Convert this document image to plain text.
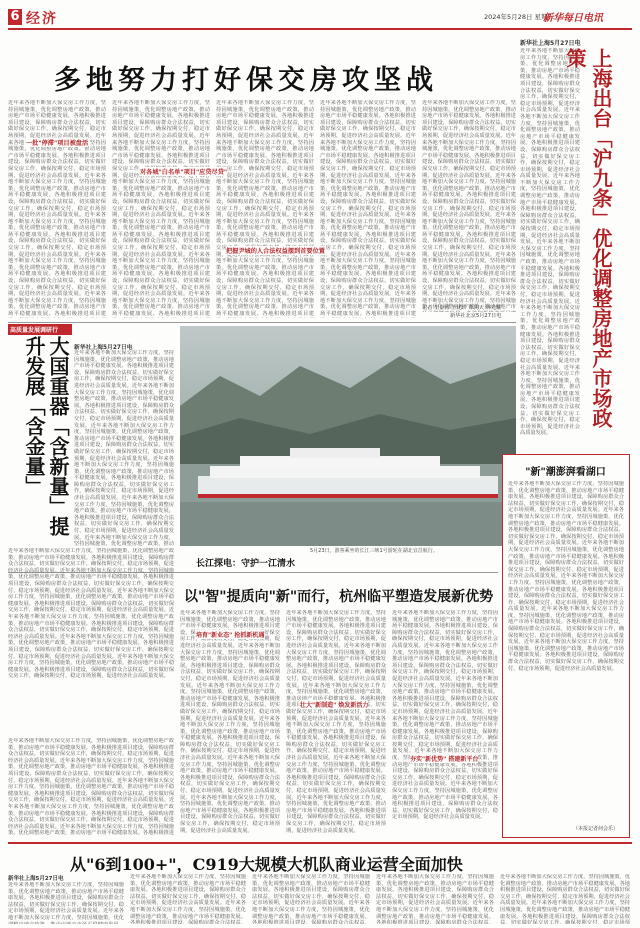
6 经济	2024年5月28日 星期二
新华每日电讯
新华社上海5月27日电
近年来各地不断加大保交房工作力度，坚持因城施策，优化调整房地产政策，推动房地产市场平稳健康发展。各地积极推进项目建设，保障购房群众合法权益，切实做好保交房工作，确保按期交付，稳定市场预期，促进经济社会高质量发展。近年来各地不断加大保交房工作力度，坚持因城施策，优化调整房地产政策，推动房地产市场平稳健康发展。各地积极推进项目建设，保障购房群众合法权益，切实做好保交房工作，确保按期交付，稳定市场预期，促进经济社会高质量发展。近年来各地不断加大保交房工作力度，坚持因城施策，优化调整房地产政策，推动房地产市场平稳健康发展。各地积极推进项目建设，保障购房群众合法权益，切实做好保交房工作，确保按期交付，稳定市场预期，促进经济社会高质量发展。近年来各地不断加大保交房工作力度，坚持因城施策，优化调整房地产政策，推动房地产市场平稳健康发展。各地积极推进项目建设，保障购房群众合法权益，切实做好保交房工作，确保按期交付，稳定市场预期，促进经济社会高质量发展。近年来各地不断加大保交房工作力度，坚持因城施策，优化调整房地产政策，推动房地产市场平稳健康发展。各地积极推进项目建设，保障购房群众合法权益，切实做好保交房工作，确保按期交付，稳定市场预期，促进经济社会高质量发展。近年来各地不断加大保交房工作力度，坚持因城施策，优化调整房地产政策，推动房地产市场平稳健康发展。各地积极推进项目建设，保障购房群众合法权益，切实做好保交房工作，确保按期交付，稳定市场预期，促进经济社会高质量发展。
上海出台「沪九条」优化调整房地产市场政策
多地努力打好保交房攻坚战
近年来各地不断加大保交房工作力度，坚持因城施策，优化调整房地产政策，推动房地产市场平稳健康发展。各地积极推进项目建设，保障购房群众合法权益，切实做好保交房工作，确保按期交付，稳定市场预期，促进经济社会高质量发展。近年来各地不断加大保交房工作力度，坚持因城施策，优化调整房地产政策，推动房地产市场平稳健康发展。各地积极推进项目建设，保障购房群众合法权益，切实做好保交房工作，确保按期交付，稳定市场预期，促进经济社会高质量发展。近年来各地不断加大保交房工作力度，坚持因城施策，优化调整房地产政策，推动房地产市场平稳健康发展。各地积极推进项目建设，保障购房群众合法权益，切实做好保交房工作，确保按期交付，稳定市场预期，促进经济社会高质量发展。近年来各地不断加大保交房工作力度，坚持因城施策，优化调整房地产政策，推动房地产市场平稳健康发展。各地积极推进项目建设，保障购房群众合法权益，切实做好保交房工作，确保按期交付，稳定市场预期，促进经济社会高质量发展。近年来各地不断加大保交房工作力度，坚持因城施策，优化调整房地产政策，推动房地产市场平稳健康发展。各地积极推进项目建设，保障购房群众合法权益，切实做好保交房工作，确保按期交付，稳定市场预期，促进经济社会高质量发展。近年来各地不断加大保交房工作力度，坚持因城施策，优化调整房地产政策，推动房地产市场平稳健康发展。各地积极推进项目建设，保障购房群众合法权益，切实做好保交房工作，确保按期交付，稳定市场预期，促进经济社会高质量发展。
一批"停滞"项目被盘活
近年来各地不断加大保交房工作力度，坚持因城施策，优化调整房地产政策，推动房地产市场平稳健康发展。各地积极推进项目建设，保障购房群众合法权益，切实做好保交房工作，确保按期交付，稳定市场预期，促进经济社会高质量发展。近年来各地不断加大保交房工作力度，坚持因城施策，优化调整房地产政策，推动房地产市场平稳健康发展。各地积极推进项目建设，保障购房群众合法权益，切实做好保交房工作，确保按期交付，稳定市场预期，促进经济社会高质量发展。近年来各地不断加大保交房工作力度，坚持因城施策，优化调整房地产政策，推动房地产市场平稳健康发展。各地积极推进项目建设，保障购房群众合法权益，切实做好保交房工作，确保按期交付，稳定市场预期，促进经济社会高质量发展。近年来各地不断加大保交房工作力度，坚持因城施策，优化调整房地产政策，推动房地产市场平稳健康发展。各地积极推进项目建设，保障购房群众合法权益，切实做好保交房工作，确保按期交付，稳定市场预期，促进经济社会高质量发展。近年来各地不断加大保交房工作力度，坚持因城施策，优化调整房地产政策，推动房地产市场平稳健康发展。各地积极推进项目建设，保障购房群众合法权益，切实做好保交房工作，确保按期交付，稳定市场预期，促进经济社会高质量发展。近年来各地不断加大保交房工作力度，坚持因城施策，优化调整房地产政策，推动房地产市场平稳健康发展。各地积极推进项目建设，保障购房群众合法权益，切实做好保交房工作，确保按期交付，稳定市场预期，促进经济社会高质量发展。
近年来各地不断加大保交房工作力度，坚持因城施策，优化调整房地产政策，推动房地产市场平稳健康发展。各地积极推进项目建设，保障购房群众合法权益，切实做好保交房工作，确保按期交付，稳定市场预期，促进经济社会高质量发展。近年来各地不断加大保交房工作力度，坚持因城施策，优化调整房地产政策，推动房地产市场平稳健康发展。各地积极推进项目建设，保障购房群众合法权益，切实做好保交房工作，确保按期交付，稳定市场预期，促进经济社会高质量发展。近年来各地不断加大保交房工作力度，坚持因城施策，优化调整房地产政策，推动房地产市场平稳健康发展。各地积极推进项目建设，保障购房群众合法权益，切实做好保交房工作，确保按期交付，稳定市场预期，促进经济社会高质量发展。近年来各地不断加大保交房工作力度，坚持因城施策，优化调整房地产政策，推动房地产市场平稳健康发展。各地积极推进项目建设，保障购房群众合法权益，切实做好保交房工作，确保按期交付，稳定市场预期，促进经济社会高质量发展。近年来各地不断加大保交房工作力度，坚持因城施策，优化调整房地产政策，推动房地产市场平稳健康发展。各地积极推进项目建设，保障购房群众合法权益，切实做好保交房工作，确保按期交付，稳定市场预期，促进经济社会高质量发展。近年来各地不断加大保交房工作力度，坚持因城施策，优化调整房地产政策，推动房地产市场平稳健康发展。各地积极推进项目建设，保障购房群众合法权益，切实做好保交房工作，确保按期交付，稳定市场预期，促进经济社会高质量发展。
对各城"白名单"项目"应贷尽贷"
近年来各地不断加大保交房工作力度，坚持因城施策，优化调整房地产政策，推动房地产市场平稳健康发展。各地积极推进项目建设，保障购房群众合法权益，切实做好保交房工作，确保按期交付，稳定市场预期，促进经济社会高质量发展。近年来各地不断加大保交房工作力度，坚持因城施策，优化调整房地产政策，推动房地产市场平稳健康发展。各地积极推进项目建设，保障购房群众合法权益，切实做好保交房工作，确保按期交付，稳定市场预期，促进经济社会高质量发展。近年来各地不断加大保交房工作力度，坚持因城施策，优化调整房地产政策，推动房地产市场平稳健康发展。各地积极推进项目建设，保障购房群众合法权益，切实做好保交房工作，确保按期交付，稳定市场预期，促进经济社会高质量发展。近年来各地不断加大保交房工作力度，坚持因城施策，优化调整房地产政策，推动房地产市场平稳健康发展。各地积极推进项目建设，保障购房群众合法权益，切实做好保交房工作，确保按期交付，稳定市场预期，促进经济社会高质量发展。近年来各地不断加大保交房工作力度，坚持因城施策，优化调整房地产政策，推动房地产市场平稳健康发展。各地积极推进项目建设，保障购房群众合法权益，切实做好保交房工作，确保按期交付，稳定市场预期，促进经济社会高质量发展。近年来各地不断加大保交房工作力度，坚持因城施策，优化调整房地产政策，推动房地产市场平稳健康发展。各地积极推进项目建设，保障购房群众合法权益，切实做好保交房工作，确保按期交付，稳定市场预期，促进经济社会高质量发展。
把握尹城的人合法权益摆到首要位置
近年来各地不断加大保交房工作力度，坚持因城施策，优化调整房地产政策，推动房地产市场平稳健康发展。各地积极推进项目建设，保障购房群众合法权益，切实做好保交房工作，确保按期交付，稳定市场预期，促进经济社会高质量发展。近年来各地不断加大保交房工作力度，坚持因城施策，优化调整房地产政策，推动房地产市场平稳健康发展。各地积极推进项目建设，保障购房群众合法权益，切实做好保交房工作，确保按期交付，稳定市场预期，促进经济社会高质量发展。近年来各地不断加大保交房工作力度，坚持因城施策，优化调整房地产政策，推动房地产市场平稳健康发展。各地积极推进项目建设，保障购房群众合法权益，切实做好保交房工作，确保按期交付，稳定市场预期，促进经济社会高质量发展。近年来各地不断加大保交房工作力度，坚持因城施策，优化调整房地产政策，推动房地产市场平稳健康发展。各地积极推进项目建设，保障购房群众合法权益，切实做好保交房工作，确保按期交付，稳定市场预期，促进经济社会高质量发展。近年来各地不断加大保交房工作力度，坚持因城施策，优化调整房地产政策，推动房地产市场平稳健康发展。各地积极推进项目建设，保障购房群众合法权益，切实做好保交房工作，确保按期交付，稳定市场预期，促进经济社会高质量发展。近年来各地不断加大保交房工作力度，坚持因城施策，优化调整房地产政策，推动房地产市场平稳健康发展。各地积极推进项目建设，保障购房群众合法权益，切实做好保交房工作，确保按期交付，稳定市场预期，促进经济社会高质量发展。
记者 王金涛 王优玲 郑钧天 林光耀
新华社北京5月27日电
高质量发展调研行
大国重器「含新量」提升发展「含金量」	新华社上海5月27日电
近年来各地不断加大保交房工作力度，坚持因城施策，优化调整房地产政策，推动房地产市场平稳健康发展。各地积极推进项目建设，保障购房群众合法权益，切实做好保交房工作，确保按期交付，稳定市场预期，促进经济社会高质量发展。近年来各地不断加大保交房工作力度，坚持因城施策，优化调整房地产政策，推动房地产市场平稳健康发展。各地积极推进项目建设，保障购房群众合法权益，切实做好保交房工作，确保按期交付，稳定市场预期，促进经济社会高质量发展。近年来各地不断加大保交房工作力度，坚持因城施策，优化调整房地产政策，推动房地产市场平稳健康发展。各地积极推进项目建设，保障购房群众合法权益，切实做好保交房工作，确保按期交付，稳定市场预期，促进经济社会高质量发展。近年来各地不断加大保交房工作力度，坚持因城施策，优化调整房地产政策，推动房地产市场平稳健康发展。各地积极推进项目建设，保障购房群众合法权益，切实做好保交房工作，确保按期交付，稳定市场预期，促进经济社会高质量发展。近年来各地不断加大保交房工作力度，坚持因城施策，优化调整房地产政策，推动房地产市场平稳健康发展。各地积极推进项目建设，保障购房群众合法权益，切实做好保交房工作，确保按期交付，稳定市场预期，促进经济社会高质量发展。近年来各地不断加大保交房工作力度，坚持因城施策，优化调整房地产政策，推动房地产市场平稳健康发展。各地积极推进项目建设，保障购房群众合法权益，切实做好保交房工作，确保按期交付，稳定市场预期，促进经济社会高质量发展。
5月23日，游客乘坐的长江三峡1号游轮在湖北宜昌航行。
长江探电：守护一江清水
近年来各地不断加大保交房工作力度，坚持因城施策，优化调整房地产政策，推动房地产市场平稳健康发展。各地积极推进项目建设，保障购房群众合法权益，切实做好保交房工作，确保按期交付，稳定市场预期，促进经济社会高质量发展。近年来各地不断加大保交房工作力度，坚持因城施策，优化调整房地产政策，推动房地产市场平稳健康发展。各地积极推进项目建设，保障购房群众合法权益，切实做好保交房工作，确保按期交付，稳定市场预期，促进经济社会高质量发展。近年来各地不断加大保交房工作力度，坚持因城施策，优化调整房地产政策，推动房地产市场平稳健康发展。各地积极推进项目建设，保障购房群众合法权益，切实做好保交房工作，确保按期交付，稳定市场预期，促进经济社会高质量发展。近年来各地不断加大保交房工作力度，坚持因城施策，优化调整房地产政策，推动房地产市场平稳健康发展。各地积极推进项目建设，保障购房群众合法权益，切实做好保交房工作，确保按期交付，稳定市场预期，促进经济社会高质量发展。近年来各地不断加大保交房工作力度，坚持因城施策，优化调整房地产政策，推动房地产市场平稳健康发展。各地积极推进项目建设，保障购房群众合法权益，切实做好保交房工作，确保按期交付，稳定市场预期，促进经济社会高质量发展。近年来各地不断加大保交房工作力度，坚持因城施策，优化调整房地产政策，推动房地产市场平稳健康发展。各地积极推进项目建设，保障购房群众合法权益，切实做好保交房工作，确保按期交付，稳定市场预期，促进经济社会高质量发展。
以"智"提质向"新"而行，杭州临平塑造发展新优势
近年来各地不断加大保交房工作力度，坚持因城施策，优化调整房地产政策，推动房地产市场平稳健康发展。各地积极推进项目建设，保障购房群众合法权益，切实做好保交房工作，确保按期交付，稳定市场预期，促进经济社会高质量发展。近年来各地不断加大保交房工作力度，坚持因城施策，优化调整房地产政策，推动房地产市场平稳健康发展。各地积极推进项目建设，保障购房群众合法权益，切实做好保交房工作，确保按期交付，稳定市场预期，促进经济社会高质量发展。近年来各地不断加大保交房工作力度，坚持因城施策，优化调整房地产政策，推动房地产市场平稳健康发展。各地积极推进项目建设，保障购房群众合法权益，切实做好保交房工作，确保按期交付，稳定市场预期，促进经济社会高质量发展。近年来各地不断加大保交房工作力度，坚持因城施策，优化调整房地产政策，推动房地产市场平稳健康发展。各地积极推进项目建设，保障购房群众合法权益，切实做好保交房工作，确保按期交付，稳定市场预期，促进经济社会高质量发展。近年来各地不断加大保交房工作力度，坚持因城施策，优化调整房地产政策，推动房地产市场平稳健康发展。各地积极推进项目建设，保障购房群众合法权益，切实做好保交房工作，确保按期交付，稳定市场预期，促进经济社会高质量发展。近年来各地不断加大保交房工作力度，坚持因城施策，优化调整房地产政策，推动房地产市场平稳健康发展。各地积极推进项目建设，保障购房群众合法权益，切实做好保交房工作，确保按期交付，稳定市场预期，促进经济社会高质量发展。
培育"新业态" 抢抓新机遇
近年来各地不断加大保交房工作力度，坚持因城施策，优化调整房地产政策，推动房地产市场平稳健康发展。各地积极推进项目建设，保障购房群众合法权益，切实做好保交房工作，确保按期交付，稳定市场预期，促进经济社会高质量发展。近年来各地不断加大保交房工作力度，坚持因城施策，优化调整房地产政策，推动房地产市场平稳健康发展。各地积极推进项目建设，保障购房群众合法权益，切实做好保交房工作，确保按期交付，稳定市场预期，促进经济社会高质量发展。近年来各地不断加大保交房工作力度，坚持因城施策，优化调整房地产政策，推动房地产市场平稳健康发展。各地积极推进项目建设，保障购房群众合法权益，切实做好保交房工作，确保按期交付，稳定市场预期，促进经济社会高质量发展。近年来各地不断加大保交房工作力度，坚持因城施策，优化调整房地产政策，推动房地产市场平稳健康发展。各地积极推进项目建设，保障购房群众合法权益，切实做好保交房工作，确保按期交付，稳定市场预期，促进经济社会高质量发展。近年来各地不断加大保交房工作力度，坚持因城施策，优化调整房地产政策，推动房地产市场平稳健康发展。各地积极推进项目建设，保障购房群众合法权益，切实做好保交房工作，确保按期交付，稳定市场预期，促进经济社会高质量发展。近年来各地不断加大保交房工作力度，坚持因城施策，优化调整房地产政策，推动房地产市场平稳健康发展。各地积极推进项目建设，保障购房群众合法权益，切实做好保交房工作，确保按期交付，稳定市场预期，促进经济社会高质量发展。
壮大"新制造" 焕发新活力
近年来各地不断加大保交房工作力度，坚持因城施策，优化调整房地产政策，推动房地产市场平稳健康发展。各地积极推进项目建设，保障购房群众合法权益，切实做好保交房工作，确保按期交付，稳定市场预期，促进经济社会高质量发展。近年来各地不断加大保交房工作力度，坚持因城施策，优化调整房地产政策，推动房地产市场平稳健康发展。各地积极推进项目建设，保障购房群众合法权益，切实做好保交房工作，确保按期交付，稳定市场预期，促进经济社会高质量发展。近年来各地不断加大保交房工作力度，坚持因城施策，优化调整房地产政策，推动房地产市场平稳健康发展。各地积极推进项目建设，保障购房群众合法权益，切实做好保交房工作，确保按期交付，稳定市场预期，促进经济社会高质量发展。近年来各地不断加大保交房工作力度，坚持因城施策，优化调整房地产政策，推动房地产市场平稳健康发展。各地积极推进项目建设，保障购房群众合法权益，切实做好保交房工作，确保按期交付，稳定市场预期，促进经济社会高质量发展。近年来各地不断加大保交房工作力度，坚持因城施策，优化调整房地产政策，推动房地产市场平稳健康发展。各地积极推进项目建设，保障购房群众合法权益，切实做好保交房工作，确保按期交付，稳定市场预期，促进经济社会高质量发展。近年来各地不断加大保交房工作力度，坚持因城施策，优化调整房地产政策，推动房地产市场平稳健康发展。各地积极推进项目建设，保障购房群众合法权益，切实做好保交房工作，确保按期交付，稳定市场预期，促进经济社会高质量发展。
夯实"新优势" 搭建新平台
近年来各地不断加大保交房工作力度，坚持因城施策，优化调整房地产政策，推动房地产市场平稳健康发展。各地积极推进项目建设，保障购房群众合法权益，切实做好保交房工作，确保按期交付，稳定市场预期，促进经济社会高质量发展。近年来各地不断加大保交房工作力度，坚持因城施策，优化调整房地产政策，推动房地产市场平稳健康发展。各地积极推进项目建设，保障购房群众合法权益，切实做好保交房工作，确保按期交付，稳定市场预期，促进经济社会高质量发展。近年来各地不断加大保交房工作力度，坚持因城施策，优化调整房地产政策，推动房地产市场平稳健康发展。各地积极推进项目建设，保障购房群众合法权益，切实做好保交房工作，确保按期交付，稳定市场预期，促进经济社会高质量发展。近年来各地不断加大保交房工作力度，坚持因城施策，优化调整房地产政策，推动房地产市场平稳健康发展。各地积极推进项目建设，保障购房群众合法权益，切实做好保交房工作，确保按期交付，稳定市场预期，促进经济社会高质量发展。近年来各地不断加大保交房工作力度，坚持因城施策，优化调整房地产政策，推动房地产市场平稳健康发展。各地积极推进项目建设，保障购房群众合法权益，切实做好保交房工作，确保按期交付，稳定市场预期，促进经济社会高质量发展。近年来各地不断加大保交房工作力度，坚持因城施策，优化调整房地产政策，推动房地产市场平稳健康发展。各地积极推进项目建设，保障购房群众合法权益，切实做好保交房工作，确保按期交付，稳定市场预期，促进经济社会高质量发展。
"新"潮澎湃看湖口
近年来各地不断加大保交房工作力度，坚持因城施策，优化调整房地产政策，推动房地产市场平稳健康发展。各地积极推进项目建设，保障购房群众合法权益，切实做好保交房工作，确保按期交付，稳定市场预期，促进经济社会高质量发展。近年来各地不断加大保交房工作力度，坚持因城施策，优化调整房地产政策，推动房地产市场平稳健康发展。各地积极推进项目建设，保障购房群众合法权益，切实做好保交房工作，确保按期交付，稳定市场预期，促进经济社会高质量发展。近年来各地不断加大保交房工作力度，坚持因城施策，优化调整房地产政策，推动房地产市场平稳健康发展。各地积极推进项目建设，保障购房群众合法权益，切实做好保交房工作，确保按期交付，稳定市场预期，促进经济社会高质量发展。近年来各地不断加大保交房工作力度，坚持因城施策，优化调整房地产政策，推动房地产市场平稳健康发展。各地积极推进项目建设，保障购房群众合法权益，切实做好保交房工作，确保按期交付，稳定市场预期，促进经济社会高质量发展。近年来各地不断加大保交房工作力度，坚持因城施策，优化调整房地产政策，推动房地产市场平稳健康发展。各地积极推进项目建设，保障购房群众合法权益，切实做好保交房工作，确保按期交付，稳定市场预期，促进经济社会高质量发展。近年来各地不断加大保交房工作力度，坚持因城施策，优化调整房地产政策，推动房地产市场平稳健康发展。各地积极推进项目建设，保障购房群众合法权益，切实做好保交房工作，确保按期交付，稳定市场预期，促进经济社会高质量发展。
（本报记者何会乐）
从"6到100+"，C919大规模大机队商业运营全面加快
新华社上海5月27日电
近年来各地不断加大保交房工作力度，坚持因城施策，优化调整房地产政策，推动房地产市场平稳健康发展。各地积极推进项目建设，保障购房群众合法权益，切实做好保交房工作，确保按期交付，稳定市场预期，促进经济社会高质量发展。近年来各地不断加大保交房工作力度，坚持因城施策，优化调整房地产政策，推动房地产市场平稳健康发展。各地积极推进项目建设，保障购房群众合法权益，切实做好保交房工作，确保按期交付，稳定市场预期，促进经济社会高质量发展。近年来各地不断加大保交房工作力度，坚持因城施策，优化调整房地产政策，推动房地产市场平稳健康发展。各地积极推进项目建设，保障购房群众合法权益，切实做好保交房工作，确保按期交付，稳定市场预期，促进经济社会高质量发展。近年来各地不断加大保交房工作力度，坚持因城施策，优化调整房地产政策，推动房地产市场平稳健康发展。各地积极推进项目建设，保障购房群众合法权益，切实做好保交房工作，确保按期交付，稳定市场预期，促进经济社会高质量发展。近年来各地不断加大保交房工作力度，坚持因城施策，优化调整房地产政策，推动房地产市场平稳健康发展。各地积极推进项目建设，保障购房群众合法权益，切实做好保交房工作，确保按期交付，稳定市场预期，促进经济社会高质量发展。近年来各地不断加大保交房工作力度，坚持因城施策，优化调整房地产政策，推动房地产市场平稳健康发展。各地积极推进项目建设，保障购房群众合法权益，切实做好保交房工作，确保按期交付，稳定市场预期，促进经济社会高质量发展。
近年来各地不断加大保交房工作力度，坚持因城施策，优化调整房地产政策，推动房地产市场平稳健康发展。各地积极推进项目建设，保障购房群众合法权益，切实做好保交房工作，确保按期交付，稳定市场预期，促进经济社会高质量发展。近年来各地不断加大保交房工作力度，坚持因城施策，优化调整房地产政策，推动房地产市场平稳健康发展。各地积极推进项目建设，保障购房群众合法权益，切实做好保交房工作，确保按期交付，稳定市场预期，促进经济社会高质量发展。近年来各地不断加大保交房工作力度，坚持因城施策，优化调整房地产政策，推动房地产市场平稳健康发展。各地积极推进项目建设，保障购房群众合法权益，切实做好保交房工作，确保按期交付，稳定市场预期，促进经济社会高质量发展。近年来各地不断加大保交房工作力度，坚持因城施策，优化调整房地产政策，推动房地产市场平稳健康发展。各地积极推进项目建设，保障购房群众合法权益，切实做好保交房工作，确保按期交付，稳定市场预期，促进经济社会高质量发展。近年来各地不断加大保交房工作力度，坚持因城施策，优化调整房地产政策，推动房地产市场平稳健康发展。各地积极推进项目建设，保障购房群众合法权益，切实做好保交房工作，确保按期交付，稳定市场预期，促进经济社会高质量发展。近年来各地不断加大保交房工作力度，坚持因城施策，优化调整房地产政策，推动房地产市场平稳健康发展。各地积极推进项目建设，保障购房群众合法权益，切实做好保交房工作，确保按期交付，稳定市场预期，促进经济社会高质量发展。
近年来各地不断加大保交房工作力度，坚持因城施策，优化调整房地产政策，推动房地产市场平稳健康发展。各地积极推进项目建设，保障购房群众合法权益，切实做好保交房工作，确保按期交付，稳定市场预期，促进经济社会高质量发展。近年来各地不断加大保交房工作力度，坚持因城施策，优化调整房地产政策，推动房地产市场平稳健康发展。各地积极推进项目建设，保障购房群众合法权益，切实做好保交房工作，确保按期交付，稳定市场预期，促进经济社会高质量发展。近年来各地不断加大保交房工作力度，坚持因城施策，优化调整房地产政策，推动房地产市场平稳健康发展。各地积极推进项目建设，保障购房群众合法权益，切实做好保交房工作，确保按期交付，稳定市场预期，促进经济社会高质量发展。近年来各地不断加大保交房工作力度，坚持因城施策，优化调整房地产政策，推动房地产市场平稳健康发展。各地积极推进项目建设，保障购房群众合法权益，切实做好保交房工作，确保按期交付，稳定市场预期，促进经济社会高质量发展。近年来各地不断加大保交房工作力度，坚持因城施策，优化调整房地产政策，推动房地产市场平稳健康发展。各地积极推进项目建设，保障购房群众合法权益，切实做好保交房工作，确保按期交付，稳定市场预期，促进经济社会高质量发展。近年来各地不断加大保交房工作力度，坚持因城施策，优化调整房地产政策，推动房地产市场平稳健康发展。各地积极推进项目建设，保障购房群众合法权益，切实做好保交房工作，确保按期交付，稳定市场预期，促进经济社会高质量发展。
近年来各地不断加大保交房工作力度，坚持因城施策，优化调整房地产政策，推动房地产市场平稳健康发展。各地积极推进项目建设，保障购房群众合法权益，切实做好保交房工作，确保按期交付，稳定市场预期，促进经济社会高质量发展。近年来各地不断加大保交房工作力度，坚持因城施策，优化调整房地产政策，推动房地产市场平稳健康发展。各地积极推进项目建设，保障购房群众合法权益，切实做好保交房工作，确保按期交付，稳定市场预期，促进经济社会高质量发展。近年来各地不断加大保交房工作力度，坚持因城施策，优化调整房地产政策，推动房地产市场平稳健康发展。各地积极推进项目建设，保障购房群众合法权益，切实做好保交房工作，确保按期交付，稳定市场预期，促进经济社会高质量发展。近年来各地不断加大保交房工作力度，坚持因城施策，优化调整房地产政策，推动房地产市场平稳健康发展。各地积极推进项目建设，保障购房群众合法权益，切实做好保交房工作，确保按期交付，稳定市场预期，促进经济社会高质量发展。近年来各地不断加大保交房工作力度，坚持因城施策，优化调整房地产政策，推动房地产市场平稳健康发展。各地积极推进项目建设，保障购房群众合法权益，切实做好保交房工作，确保按期交付，稳定市场预期，促进经济社会高质量发展。近年来各地不断加大保交房工作力度，坚持因城施策，优化调整房地产政策，推动房地产市场平稳健康发展。各地积极推进项目建设，保障购房群众合法权益，切实做好保交房工作，确保按期交付，稳定市场预期，促进经济社会高质量发展。
近年来各地不断加大保交房工作力度，坚持因城施策，优化调整房地产政策，推动房地产市场平稳健康发展。各地积极推进项目建设，保障购房群众合法权益，切实做好保交房工作，确保按期交付，稳定市场预期，促进经济社会高质量发展。近年来各地不断加大保交房工作力度，坚持因城施策，优化调整房地产政策，推动房地产市场平稳健康发展。各地积极推进项目建设，保障购房群众合法权益，切实做好保交房工作，确保按期交付，稳定市场预期，促进经济社会高质量发展。近年来各地不断加大保交房工作力度，坚持因城施策，优化调整房地产政策，推动房地产市场平稳健康发展。各地积极推进项目建设，保障购房群众合法权益，切实做好保交房工作，确保按期交付，稳定市场预期，促进经济社会高质量发展。近年来各地不断加大保交房工作力度，坚持因城施策，优化调整房地产政策，推动房地产市场平稳健康发展。各地积极推进项目建设，保障购房群众合法权益，切实做好保交房工作，确保按期交付，稳定市场预期，促进经济社会高质量发展。近年来各地不断加大保交房工作力度，坚持因城施策，优化调整房地产政策，推动房地产市场平稳健康发展。各地积极推进项目建设，保障购房群众合法权益，切实做好保交房工作，确保按期交付，稳定市场预期，促进经济社会高质量发展。近年来各地不断加大保交房工作力度，坚持因城施策，优化调整房地产政策，推动房地产市场平稳健康发展。各地积极推进项目建设，保障购房群众合法权益，切实做好保交房工作，确保按期交付，稳定市场预期，促进经济社会高质量发展。
